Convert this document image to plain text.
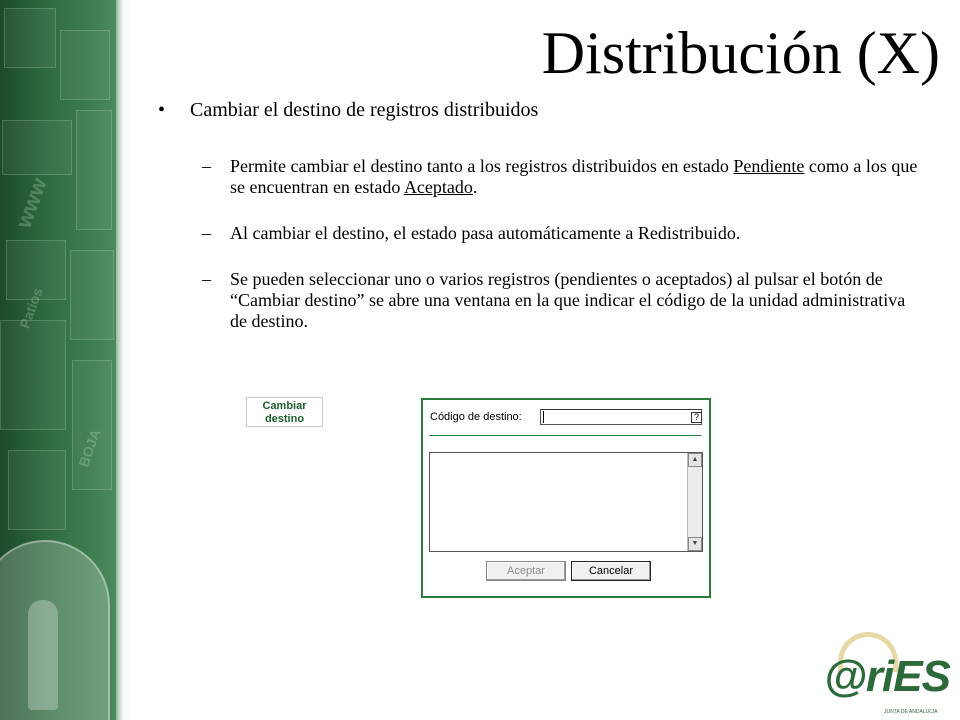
www
Patios
BOJA
Distribución (X)
•	Cambiar el destino de registros distribuidos
–	Permite cambiar el destino tanto a los registros distribuidos en estado Pendiente como a los que se encuentran en estado Aceptado.
–	Al cambiar el destino, el estado pasa automáticamente a Redistribuido.
–	Se pueden seleccionar uno o varios registros (pendientes o aceptados) al pulsar el botón de “Cambiar destino” se abre una ventana en la que indicar el código de la unidad administrativa de destino.
Cambiar destino	Código de destino:	?
▲
▼
Aceptar	Cancelar
@riES
JUNTA DE ANDALUCIA
